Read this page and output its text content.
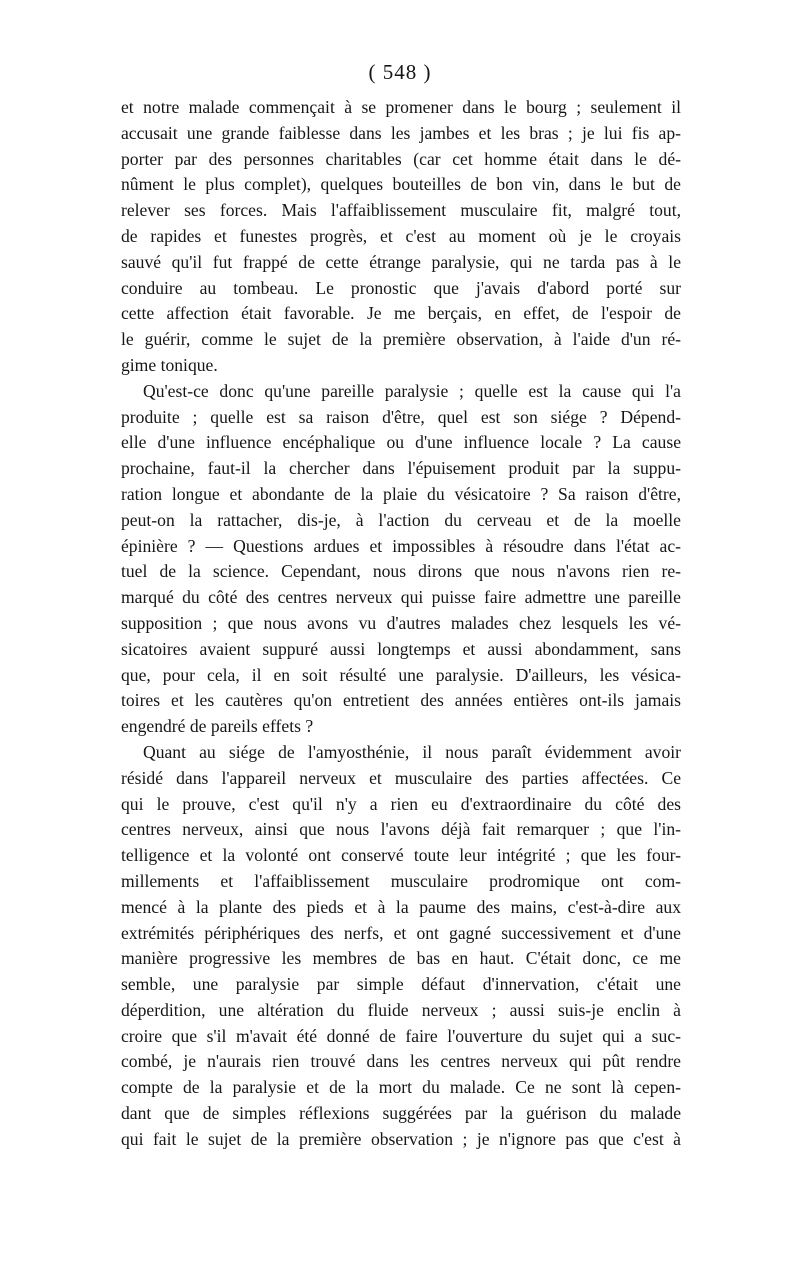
( 548 )
et notre malade commençait à se promener dans le bourg ; seulement il
accusait une grande faiblesse dans les jambes et les bras ; je lui fis ap-
porter par des personnes charitables (car cet homme était dans le dé-
nûment le plus complet), quelques bouteilles de bon vin, dans le but de
relever ses forces. Mais l'affaiblissement musculaire fit, malgré tout,
de rapides et funestes progrès, et c'est au moment où je le croyais
sauvé qu'il fut frappé de cette étrange paralysie, qui ne tarda pas à le
conduire au tombeau. Le pronostic que j'avais d'abord porté sur
cette affection était favorable. Je me berçais, en effet, de l'espoir de
le guérir, comme le sujet de la première observation, à l'aide d'un ré-
gime tonique.
Qu'est-ce donc qu'une pareille paralysie ; quelle est la cause qui l'a
produite ; quelle est sa raison d'être, quel est son siége ? Dépend-
elle d'une influence encéphalique ou d'une influence locale ? La cause
prochaine, faut-il la chercher dans l'épuisement produit par la suppu-
ration longue et abondante de la plaie du vésicatoire ? Sa raison d'être,
peut-on la rattacher, dis-je, à l'action du cerveau et de la moelle
épinière ? — Questions ardues et impossibles à résoudre dans l'état ac-
tuel de la science. Cependant, nous dirons que nous n'avons rien re-
marqué du côté des centres nerveux qui puisse faire admettre une pareille
supposition ; que nous avons vu d'autres malades chez lesquels les vé-
sicatoires avaient suppuré aussi longtemps et aussi abondamment, sans
que, pour cela, il en soit résulté une paralysie. D'ailleurs, les vésica-
toires et les cautères qu'on entretient des années entières ont-ils jamais
engendré de pareils effets ?
Quant au siége de l'amyosthénie, il nous paraît évidemment avoir
résidé dans l'appareil nerveux et musculaire des parties affectées. Ce
qui le prouve, c'est qu'il n'y a rien eu d'extraordinaire du côté des
centres nerveux, ainsi que nous l'avons déjà fait remarquer ; que l'in-
telligence et la volonté ont conservé toute leur intégrité ; que les four-
millements et l'affaiblissement musculaire prodromique ont com-
mencé à la plante des pieds et à la paume des mains, c'est-à-dire aux
extrémités périphériques des nerfs, et ont gagné successivement et d'une
manière progressive les membres de bas en haut. C'était donc, ce me
semble, une paralysie par simple défaut d'innervation, c'était une
déperdition, une altération du fluide nerveux ; aussi suis-je enclin à
croire que s'il m'avait été donné de faire l'ouverture du sujet qui a suc-
combé, je n'aurais rien trouvé dans les centres nerveux qui pût rendre
compte de la paralysie et de la mort du malade. Ce ne sont là cepen-
dant que de simples réflexions suggérées par la guérison du malade
qui fait le sujet de la première observation ; je n'ignore pas que c'est à
